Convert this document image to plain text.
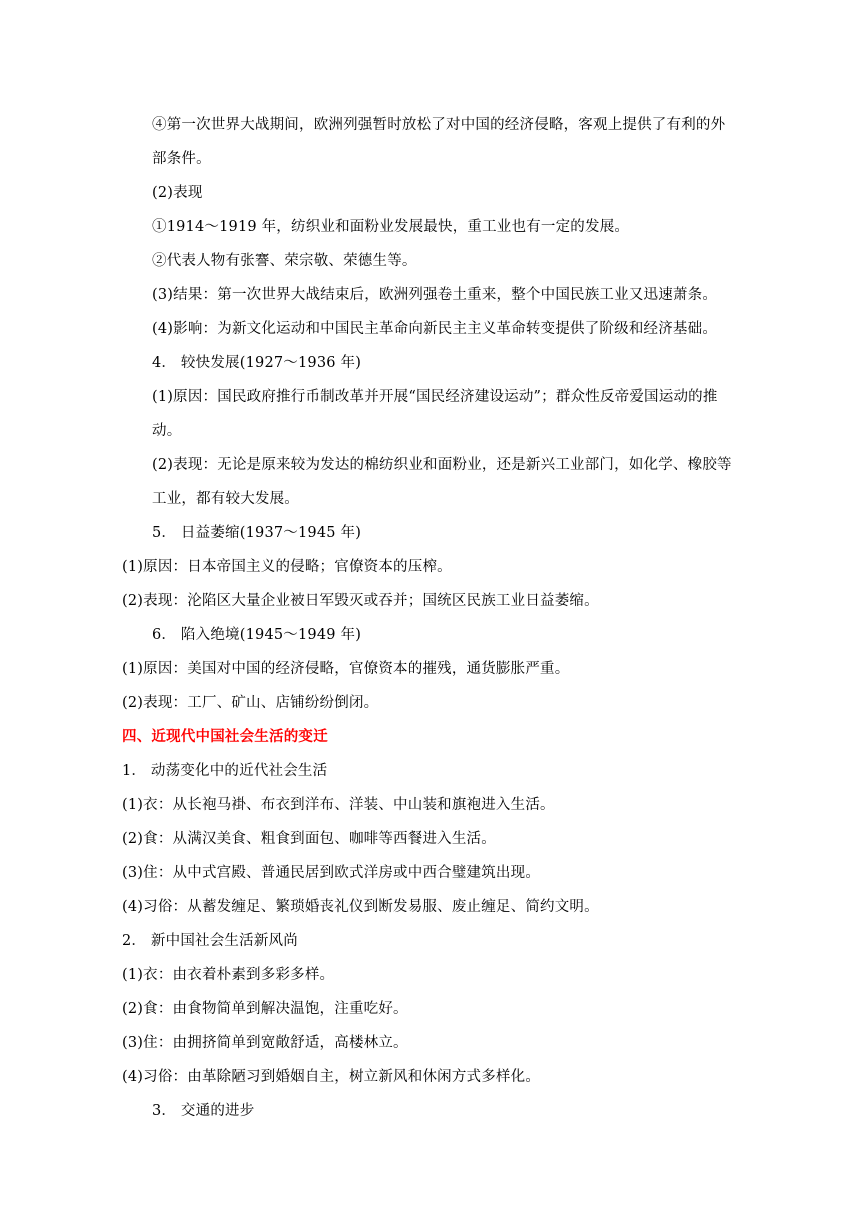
④第一次世界大战期间，欧洲列强暂时放松了对中国的经济侵略，客观上提供了有利的外部条件。
(2)表现
①1914～1919 年，纺织业和面粉业发展最快，重工业也有一定的发展。
②代表人物有张謇、荣宗敬、荣德生等。
(3)结果：第一次世界大战结束后，欧洲列强卷土重来，整个中国民族工业又迅速萧条。
(4)影响：为新文化运动和中国民主革命向新民主主义革命转变提供了阶级和经济基础。
4． 较快发展(1927～1936 年)
(1)原因：国民政府推行币制改革并开展“国民经济建设运动”；群众性反帝爱国运动的推动。
(2)表现：无论是原来较为发达的棉纺织业和面粉业，还是新兴工业部门，如化学、橡胶等工业，都有较大发展。
5． 日益萎缩(1937～1945 年)
(1)原因：日本帝国主义的侵略；官僚资本的压榨。
(2)表现：沦陷区大量企业被日军毁灭或吞并；国统区民族工业日益萎缩。
6． 陷入绝境(1945～1949 年)
(1)原因：美国对中国的经济侵略，官僚资本的摧残，通货膨胀严重。
(2)表现：工厂、矿山、店铺纷纷倒闭。
四、近现代中国社会生活的变迁
1． 动荡变化中的近代社会生活
(1)衣：从长袍马褂、布衣到洋布、洋装、中山装和旗袍进入生活。
(2)食：从满汉美食、粗食到面包、咖啡等西餐进入生活。
(3)住：从中式宫殿、普通民居到欧式洋房或中西合璧建筑出现。
(4)习俗：从蓄发缠足、繁琐婚丧礼仪到断发易服、废止缠足、简约文明。
2． 新中国社会生活新风尚
(1)衣：由衣着朴素到多彩多样。
(2)食：由食物简单到解决温饱，注重吃好。
(3)住：由拥挤简单到宽敞舒适，高楼林立。
(4)习俗：由革除陋习到婚姻自主，树立新风和休闲方式多样化。
3． 交通的进步
